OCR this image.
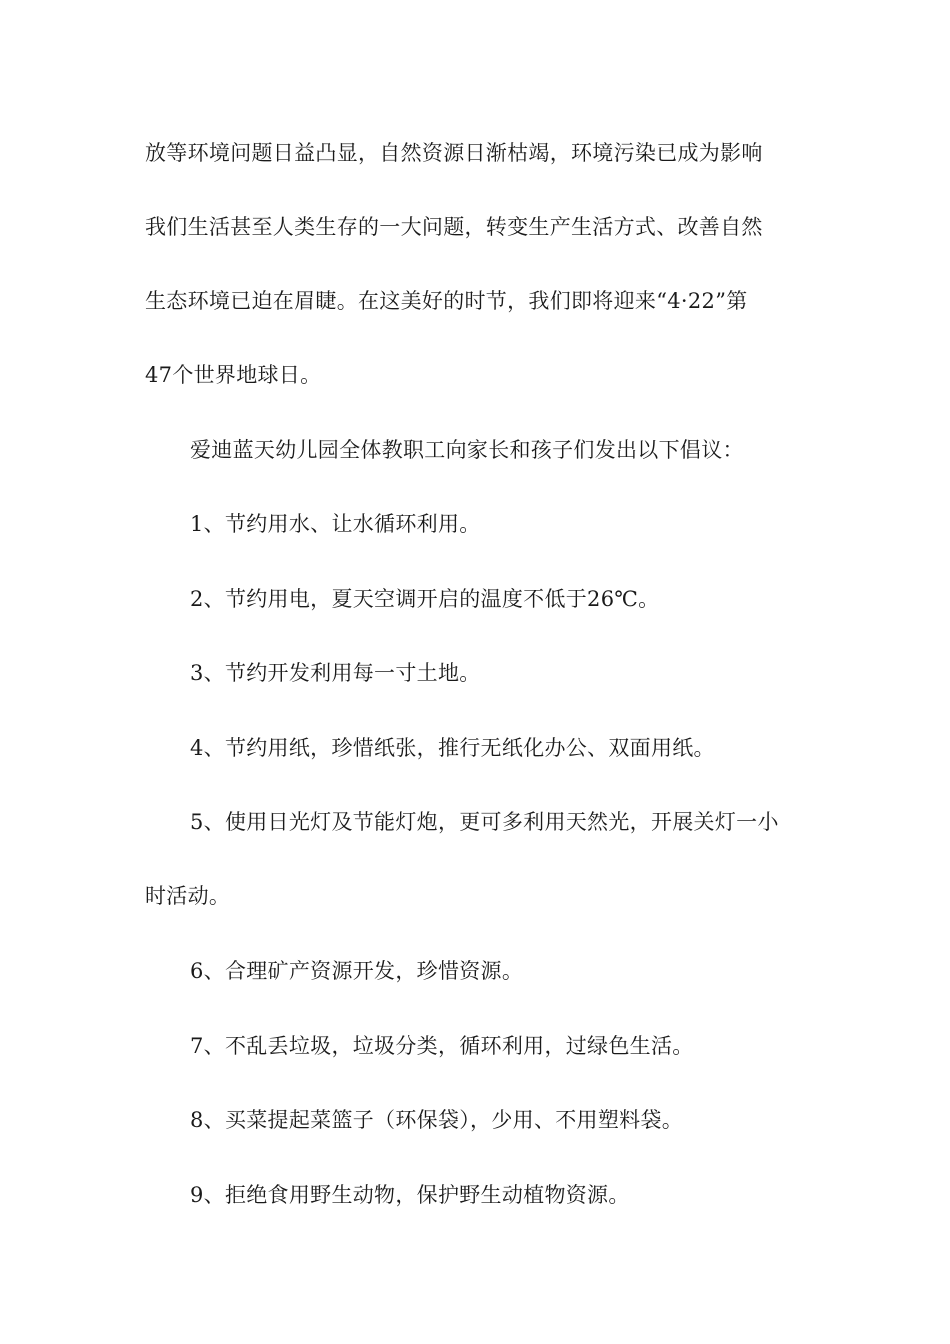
放等环境问题日益凸显，自然资源日渐枯竭，环境污染已成为影响
我们生活甚至人类生存的一大问题，转变生产生活方式、改善自然
生态环境已迫在眉睫。在这美好的时节，我们即将迎来“4·22”第
47个世界地球日。
爱迪蓝天幼儿园全体教职工向家长和孩子们发出以下倡议：
1、节约用水、让水循环利用。
2、节约用电，夏天空调开启的温度不低于26℃。
3、节约开发利用每一寸土地。
4、节约用纸，珍惜纸张，推行无纸化办公、双面用纸。
5、使用日光灯及节能灯炮，更可多利用天然光，开展关灯一小
时活动。
6、合理矿产资源开发，珍惜资源。
7、不乱丢垃圾，垃圾分类，循环利用，过绿色生活。
8、买菜提起菜篮子（环保袋），少用、不用塑料袋。
9、拒绝食用野生动物，保护野生动植物资源。
